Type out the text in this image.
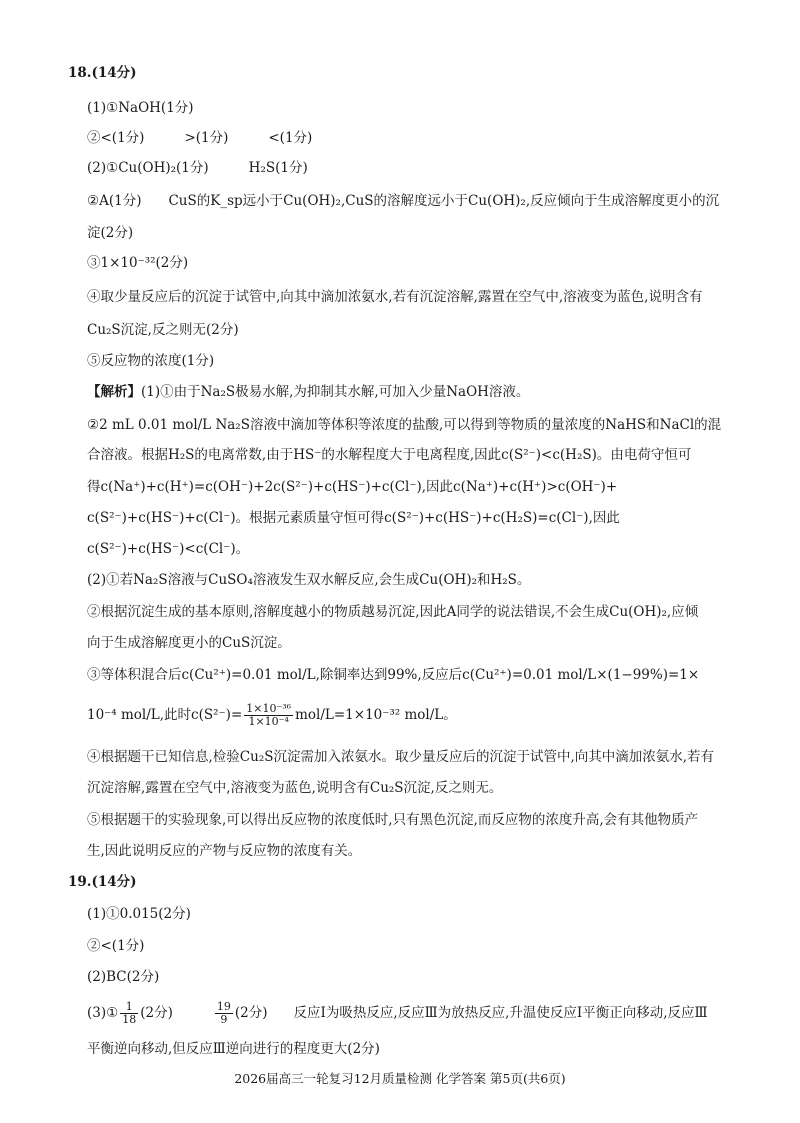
18.(14分)
(1)①NaOH(1分)
②<(1分)	>(1分)	<(1分)
(2)①Cu(OH)₂(1分)	H₂S(1分)
②A(1分)　　CuS的K_sp远小于Cu(OH)₂,CuS的溶解度远小于Cu(OH)₂,反应倾向于生成溶解度更小的沉
淀(2分)
③1×10⁻³²(2分)
④取少量反应后的沉淀于试管中,向其中滴加浓氨水,若有沉淀溶解,露置在空气中,溶液变为蓝色,说明含有
Cu₂S沉淀,反之则无(2分)
⑤反应物的浓度(1分)
【解析】(1)①由于Na₂S极易水解,为抑制其水解,可加入少量NaOH溶液。
②2 mL 0.01 mol/L Na₂S溶液中滴加等体积等浓度的盐酸,可以得到等物质的量浓度的NaHS和NaCl的混
合溶液。根据H₂S的电离常数,由于HS⁻的水解程度大于电离程度,因此c(S²⁻)<c(H₂S)。由电荷守恒可
得c(Na⁺)+c(H⁺)=c(OH⁻)+2c(S²⁻)+c(HS⁻)+c(Cl⁻),因此c(Na⁺)+c(H⁺)>c(OH⁻)+
c(S²⁻)+c(HS⁻)+c(Cl⁻)。根据元素质量守恒可得c(S²⁻)+c(HS⁻)+c(H₂S)=c(Cl⁻),因此
c(S²⁻)+c(HS⁻)<c(Cl⁻)。
(2)①若Na₂S溶液与CuSO₄溶液发生双水解反应,会生成Cu(OH)₂和H₂S。
②根据沉淀生成的基本原则,溶解度越小的物质越易沉淀,因此A同学的说法错误,不会生成Cu(OH)₂,应倾
向于生成溶解度更小的CuS沉淀。
③等体积混合后c(Cu²⁺)=0.01 mol/L,除铜率达到99%,反应后c(Cu²⁺)=0.01 mol/L×(1−99%)=1×
10⁻⁴ mol/L,此时$c(S^{2-})= \frac{\text{1×10⁻³⁶}}{\text{1×10⁻⁴}} mol/L=1\times 10^{-32}$ mol/L。
④根据题干已知信息,检验Cu₂S沉淀需加入浓氨水。取少量反应后的沉淀于试管中,向其中滴加浓氨水,若有
沉淀溶解,露置在空气中,溶液变为蓝色,说明含有Cu₂S沉淀,反之则无。
⑤根据题干的实验现象,可以得出反应物的浓度低时,只有黑色沉淀,而反应物的浓度升高,会有其他物质产
生,因此说明反应的产物与反应物的浓度有关。
19.(14分)
(1)①0.015(2分)
②<(1分)
(2)BC(2分)
(3)① $\frac{1}{18} (2$分)	$\frac{19}{9} (2$分) 反应Ⅰ为吸热反应,反应Ⅲ为放热反应,升温使反应Ⅰ平衡正向移动,反应Ⅲ
平衡逆向移动,但反应Ⅲ逆向进行的程度更大(2分)
2026届高三一轮复习12月质量检测 化学答案 第5页(共6页)
